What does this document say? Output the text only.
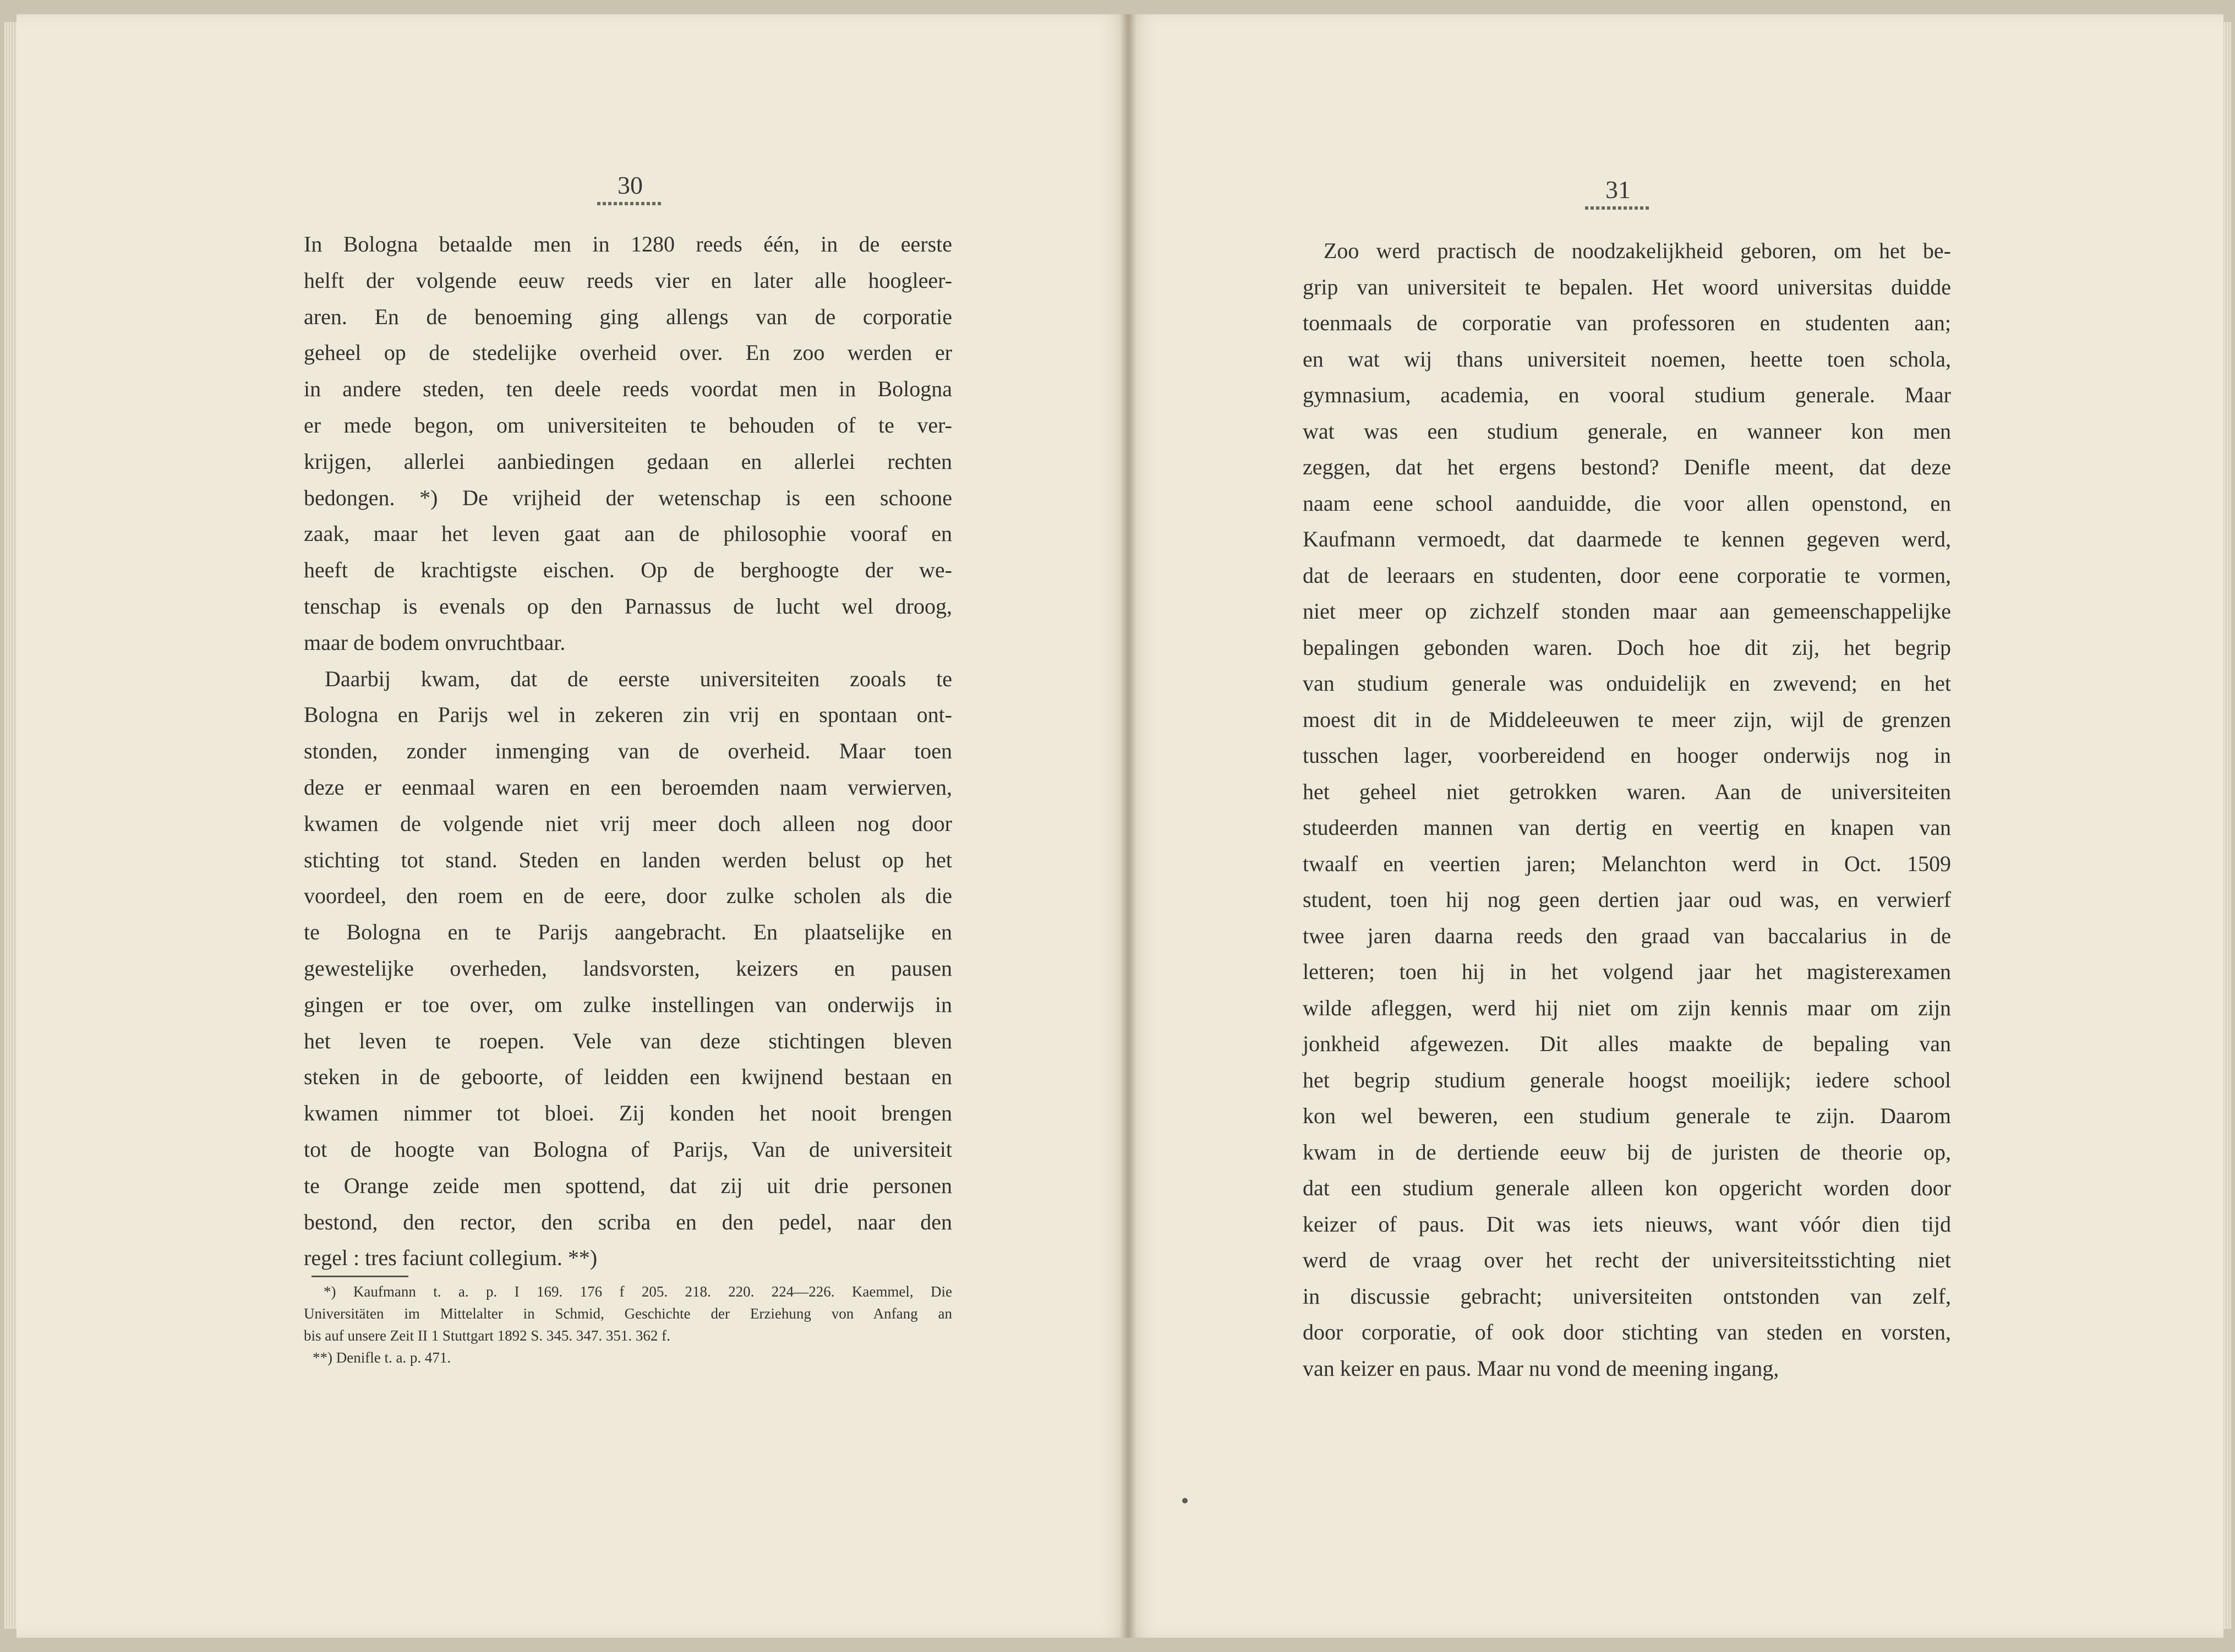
30	31
In Bologna betaalde men in 1280 reeds één, in de eerste
helft der volgende eeuw reeds vier en later alle hoogleer-
aren. En de benoeming ging allengs van de corporatie
geheel op de stedelijke overheid over. En zoo werden er
in andere steden, ten deele reeds voordat men in Bologna
er mede begon, om universiteiten te behouden of te ver-
krijgen, allerlei aanbiedingen gedaan en allerlei rechten
bedongen. *) De vrijheid der wetenschap is een schoone
zaak, maar het leven gaat aan de philosophie vooraf en
heeft de krachtigste eischen. Op de berghoogte der we-
tenschap is evenals op den Parnassus de lucht wel droog,
maar de bodem onvruchtbaar.
Daarbij kwam, dat de eerste universiteiten zooals te
Bologna en Parijs wel in zekeren zin vrij en spontaan ont-
stonden, zonder inmenging van de overheid. Maar toen
deze er eenmaal waren en een beroemden naam verwierven,
kwamen de volgende niet vrij meer doch alleen nog door
stichting tot stand. Steden en landen werden belust op het
voordeel, den roem en de eere, door zulke scholen als die
te Bologna en te Parijs aangebracht. En plaatselijke en
gewestelijke overheden, landsvorsten, keizers en pausen
gingen er toe over, om zulke instellingen van onderwijs in
het leven te roepen. Vele van deze stichtingen bleven
steken in de geboorte, of leidden een kwijnend bestaan en
kwamen nimmer tot bloei. Zij konden het nooit brengen
tot de hoogte van Bologna of Parijs, Van de universiteit
te Orange zeide men spottend, dat zij uit drie personen
bestond, den rector, den scriba en den pedel, naar den
regel : tres faciunt collegium. **)
Zoo werd practisch de noodzakelijkheid geboren, om het be-
grip van universiteit te bepalen. Het woord universitas duidde
toenmaals de corporatie van professoren en studenten aan;
en wat wij thans universiteit noemen, heette toen schola,
gymnasium, academia, en vooral studium generale. Maar
wat was een studium generale, en wanneer kon men
zeggen, dat het ergens bestond? Denifle meent, dat deze
naam eene school aanduidde, die voor allen openstond, en
Kaufmann vermoedt, dat daarmede te kennen gegeven werd,
dat de leeraars en studenten, door eene corporatie te vormen,
niet meer op zichzelf stonden maar aan gemeenschappelijke
bepalingen gebonden waren. Doch hoe dit zij, het begrip
van studium generale was onduidelijk en zwevend; en het
moest dit in de Middeleeuwen te meer zijn, wijl de grenzen
tusschen lager, voorbereidend en hooger onderwijs nog in
het geheel niet getrokken waren. Aan de universiteiten
studeerden mannen van dertig en veertig en knapen van
twaalf en veertien jaren; Melanchton werd in Oct. 1509
student, toen hij nog geen dertien jaar oud was, en verwierf
twee jaren daarna reeds den graad van baccalarius in de
letteren; toen hij in het volgend jaar het magisterexamen
wilde afleggen, werd hij niet om zijn kennis maar om zijn
jonkheid afgewezen. Dit alles maakte de bepaling van
het begrip studium generale hoogst moeilijk; iedere school
kon wel beweren, een studium generale te zijn. Daarom
kwam in de dertiende eeuw bij de juristen de theorie op,
dat een studium generale alleen kon opgericht worden door
keizer of paus. Dit was iets nieuws, want vóór dien tijd
werd de vraag over het recht der universiteitsstichting niet
in discussie gebracht; universiteiten ontstonden van zelf,
door corporatie, of ook door stichting van steden en vorsten,
van keizer en paus. Maar nu vond de meening ingang,
*) Kaufmann t. a. p. I 169. 176 f 205. 218. 220. 224—226. Kaemmel, Die
Universitäten im Mittelalter in Schmid, Geschichte der Erziehung von Anfang an
bis auf unsere Zeit II 1 Stuttgart 1892 S. 345. 347. 351. 362 f.
**) Denifle t. a. p. 471.
